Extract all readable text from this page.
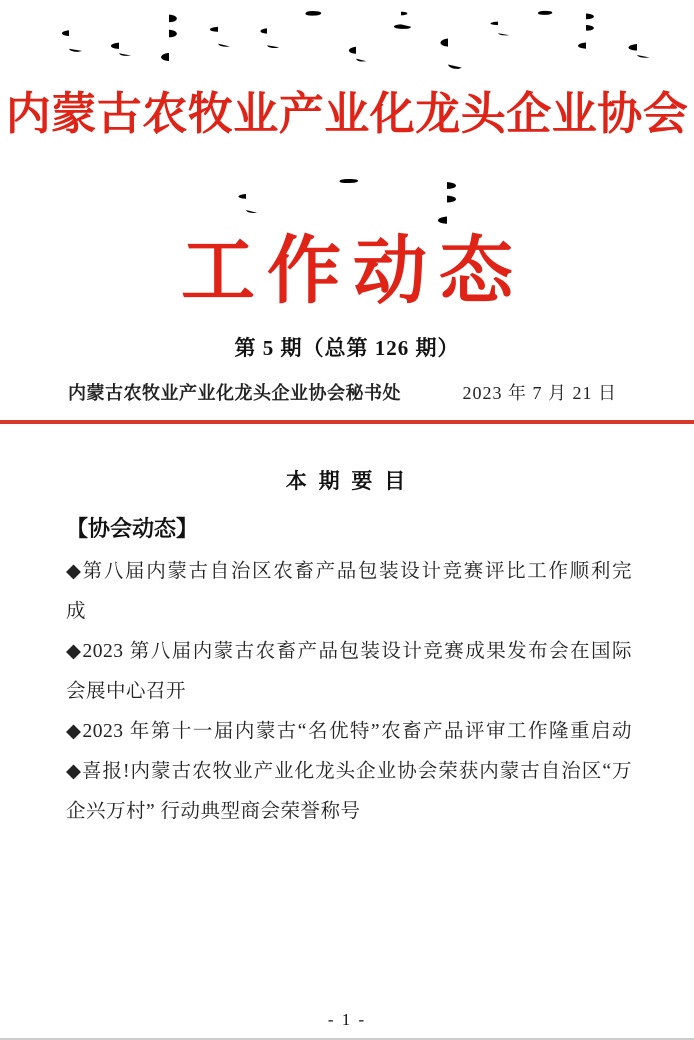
内蒙古农牧业产业化龙头企业协会
工作动态
第 5 期（总第 126 期）
内蒙古农牧业产业化龙头企业协会秘书处	2023 年 7 月 21 日
本 期 要 目
【协会动态】
◆第八届内蒙古自治区农畜产品包装设计竞赛评比工作顺利完
成
◆2023 第八届内蒙古农畜产品包装设计竞赛成果发布会在国际
会展中心召开
◆2023 年第十一届内蒙古“名优特”农畜产品评审工作隆重启动
◆喜报!内蒙古农牧业产业化龙头企业协会荣获内蒙古自治区“万
企兴万村” 行动典型商会荣誉称号
- 1 -
